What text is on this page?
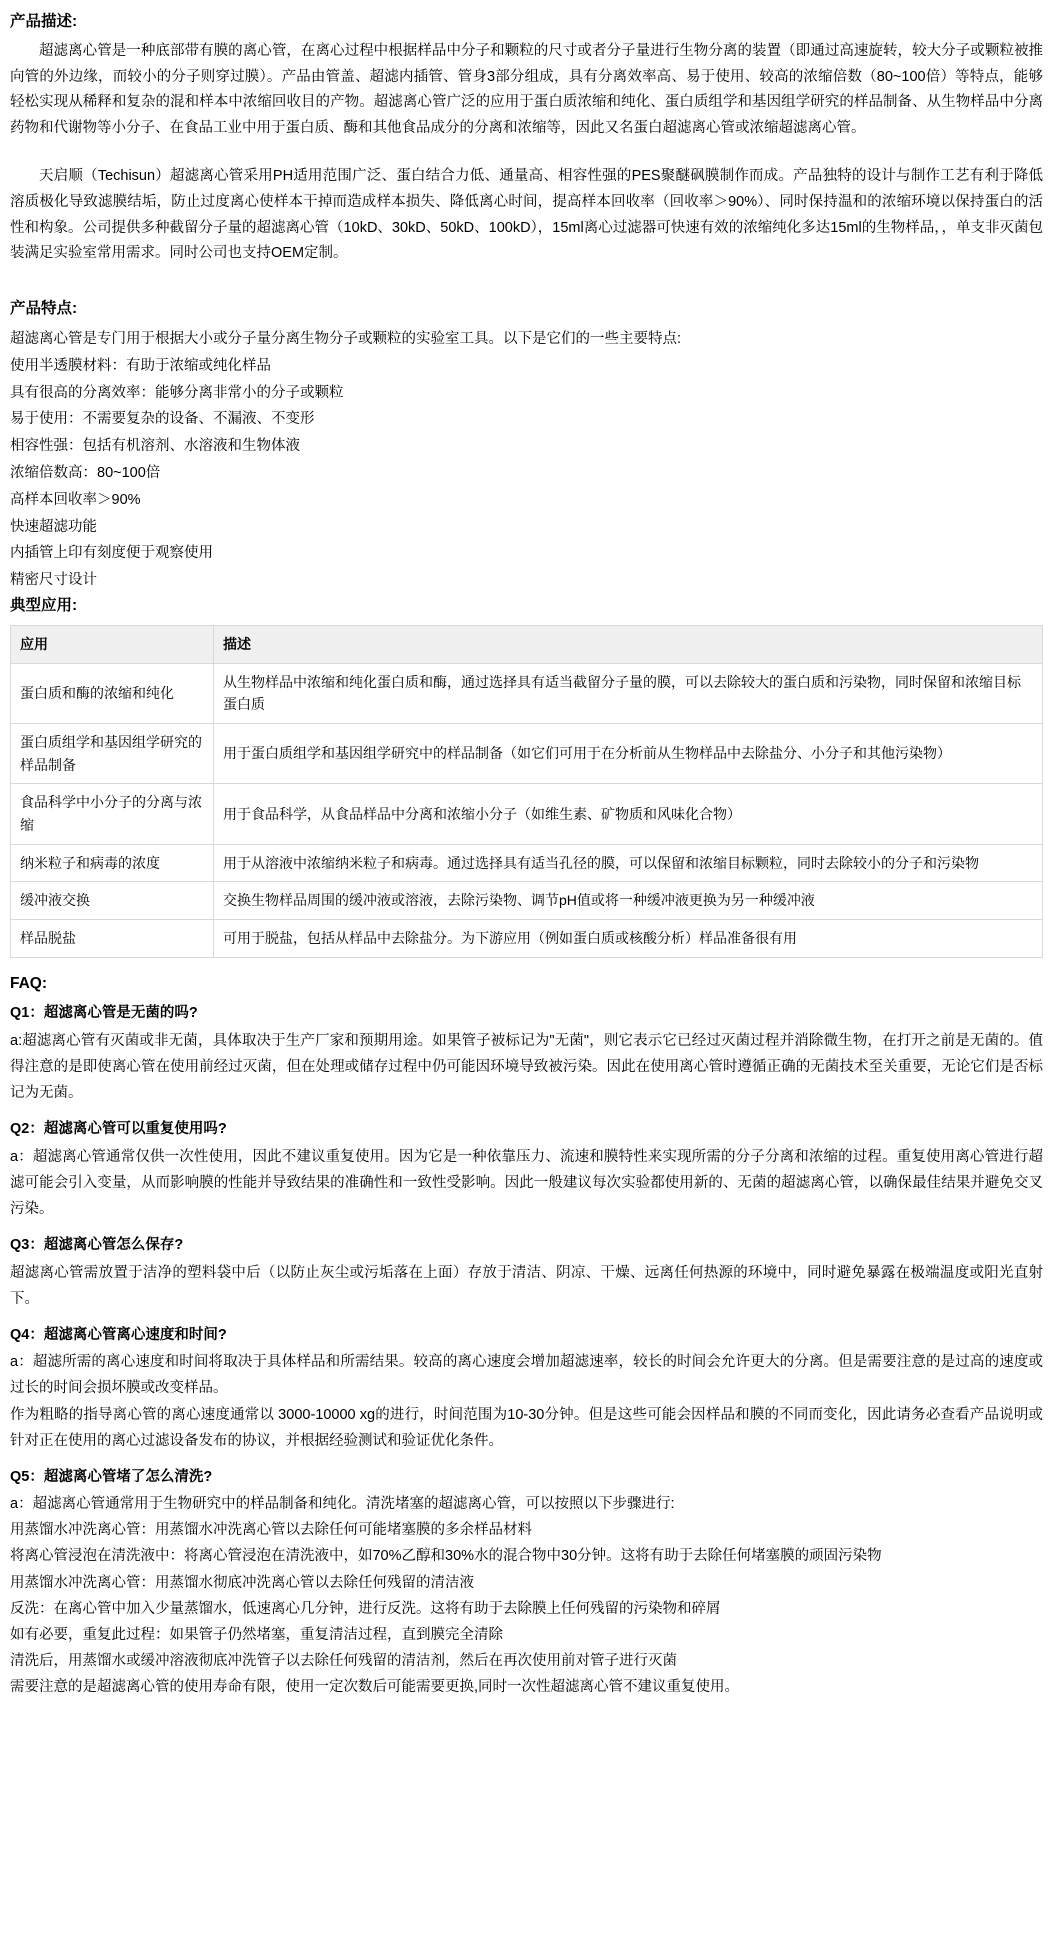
产品描述:

超滤离心管是一种底部带有膜的离心管，在离心过程中根据样品中分子和颗粒的尺寸或者分子量进行生物分离的装置（即通过高速旋转，较大分子或颗粒被推向管的外边缘，而较小的分子则穿过膜）。产品由管盖、超滤内插管、管身3部分组成，具有分离效率高、易于使用、较高的浓缩倍数（80~100倍）等特点，能够轻松实现从稀释和复杂的混和样本中浓缩回收目的产物。超滤离心管广泛的应用于蛋白质浓缩和纯化、蛋白质组学和基因组学研究的样品制备、从生物样品中分离药物和代谢物等小分子、在食品工业中用于蛋白质、酶和其他食品成分的分离和浓缩等，因此又名蛋白超滤离心管或浓缩超滤离心管。

天启顺（Techisun）超滤离心管采用PH适用范围广泛、蛋白结合力低、通量高、相容性强的PES聚醚砜膜制作而成。产品独特的设计与制作工艺有利于降低溶质极化导致滤膜结垢，防止过度离心使样本干掉而造成样本损失、降低离心时间，提高样本回收率（回收率＞90%）、同时保持温和的浓缩环境以保持蛋白的活性和构象。公司提供多种截留分子量的超滤离心管（10kD、30kD、50kD、100kD），15ml离心过滤器可快速有效的浓缩纯化多达15ml的生物样品，，单支非灭菌包装满足实验室常用需求。同时公司也支持OEM定制。

产品特点:

超滤离心管是专门用于根据大小或分子量分离生物分子或颗粒的实验室工具。以下是它们的一些主要特点:

使用半透膜材料：有助于浓缩或纯化样品

具有很高的分离效率：能够分离非常小的分子或颗粒

易于使用：不需要复杂的设备、不漏液、不变形

相容性强：包括有机溶剂、水溶液和生物体液

浓缩倍数高：80~100倍

高样本回收率＞90%

快速超滤功能

内插管上印有刻度便于观察使用

精密尺寸设计

典型应用:
应用	描述
蛋白质和酶的浓缩和纯化	从生物样品中浓缩和纯化蛋白质和酶，通过选择具有适当截留分子量的膜，可以去除较大的蛋白质和污染物，同时保留和浓缩目标蛋白质
蛋白质组学和基因组学研究的样品制备	用于蛋白质组学和基因组学研究中的样品制备（如它们可用于在分析前从生物样品中去除盐分、小分子和其他污染物）
食品科学中小分子的分离与浓缩	用于食品科学，从食品样品中分离和浓缩小分子（如维生素、矿物质和风味化合物）
纳米粒子和病毒的浓度	用于从溶液中浓缩纳米粒子和病毒。通过选择具有适当孔径的膜，可以保留和浓缩目标颗粒，同时去除较小的分子和污染物
缓冲液交换	交换生物样品周围的缓冲液或溶液，去除污染物、调节pH值或将一种缓冲液更换为另一种缓冲液
样品脱盐	可用于脱盐，包括从样品中去除盐分。为下游应用（例如蛋白质或核酸分析）样品准备很有用
FAQ:

Q1：超滤离心管是无菌的吗?

a:超滤离心管有灭菌或非无菌，具体取决于生产厂家和预期用途。如果管子被标记为"无菌"，则它表示它已经过灭菌过程并消除微生物，在打开之前是无菌的。值得注意的是即使离心管在使用前经过灭菌，但在处理或储存过程中仍可能因环境导致被污染。因此在使用离心管时遵循正确的无菌技术至关重要，无论它们是否标记为无菌。

Q2：超滤离心管可以重复使用吗?

a：超滤离心管通常仅供一次性使用，因此不建议重复使用。因为它是一种依靠压力、流速和膜特性来实现所需的分子分离和浓缩的过程。重复使用离心管进行超滤可能会引入变量，从而影响膜的性能并导致结果的准确性和一致性受影响。因此一般建议每次实验都使用新的、无菌的超滤离心管，以确保最佳结果并避免交叉污染。

Q3：超滤离心管怎么保存?

超滤离心管需放置于洁净的塑料袋中后（以防止灰尘或污垢落在上面）存放于清洁、阴凉、干燥、远离任何热源的环境中，同时避免暴露在极端温度或阳光直射下。

Q4：超滤离心管离心速度和时间?

a：超滤所需的离心速度和时间将取决于具体样品和所需结果。较高的离心速度会增加超滤速率，较长的时间会允许更大的分离。但是需要注意的是过高的速度或过长的时间会损坏膜或改变样品。

作为粗略的指导离心管的离心速度通常以 3000-10000 xg的进行，时间范围为10-30分钟。但是这些可能会因样品和膜的不同而变化，因此请务必查看产品说明或针对正在使用的离心过滤设备发布的协议，并根据经验测试和验证优化条件。

Q5：超滤离心管堵了怎么清洗?

a：超滤离心管通常用于生物研究中的样品制备和纯化。清洗堵塞的超滤离心管，可以按照以下步骤进行:

用蒸馏水冲洗离心管：用蒸馏水冲洗离心管以去除任何可能堵塞膜的多余样品材料

将离心管浸泡在清洗液中：将离心管浸泡在清洗液中，如70%乙醇和30%水的混合物中30分钟。这将有助于去除任何堵塞膜的顽固污染物

用蒸馏水冲洗离心管：用蒸馏水彻底冲洗离心管以去除任何残留的清洁液

反洗：在离心管中加入少量蒸馏水，低速离心几分钟，进行反洗。这将有助于去除膜上任何残留的污染物和碎屑

如有必要，重复此过程：如果管子仍然堵塞，重复清洁过程，直到膜完全清除

清洗后，用蒸馏水或缓冲溶液彻底冲洗管子以去除任何残留的清洁剂，然后在再次使用前对管子进行灭菌

需要注意的是超滤离心管的使用寿命有限，使用一定次数后可能需要更换,同时一次性超滤离心管不建议重复使用。
